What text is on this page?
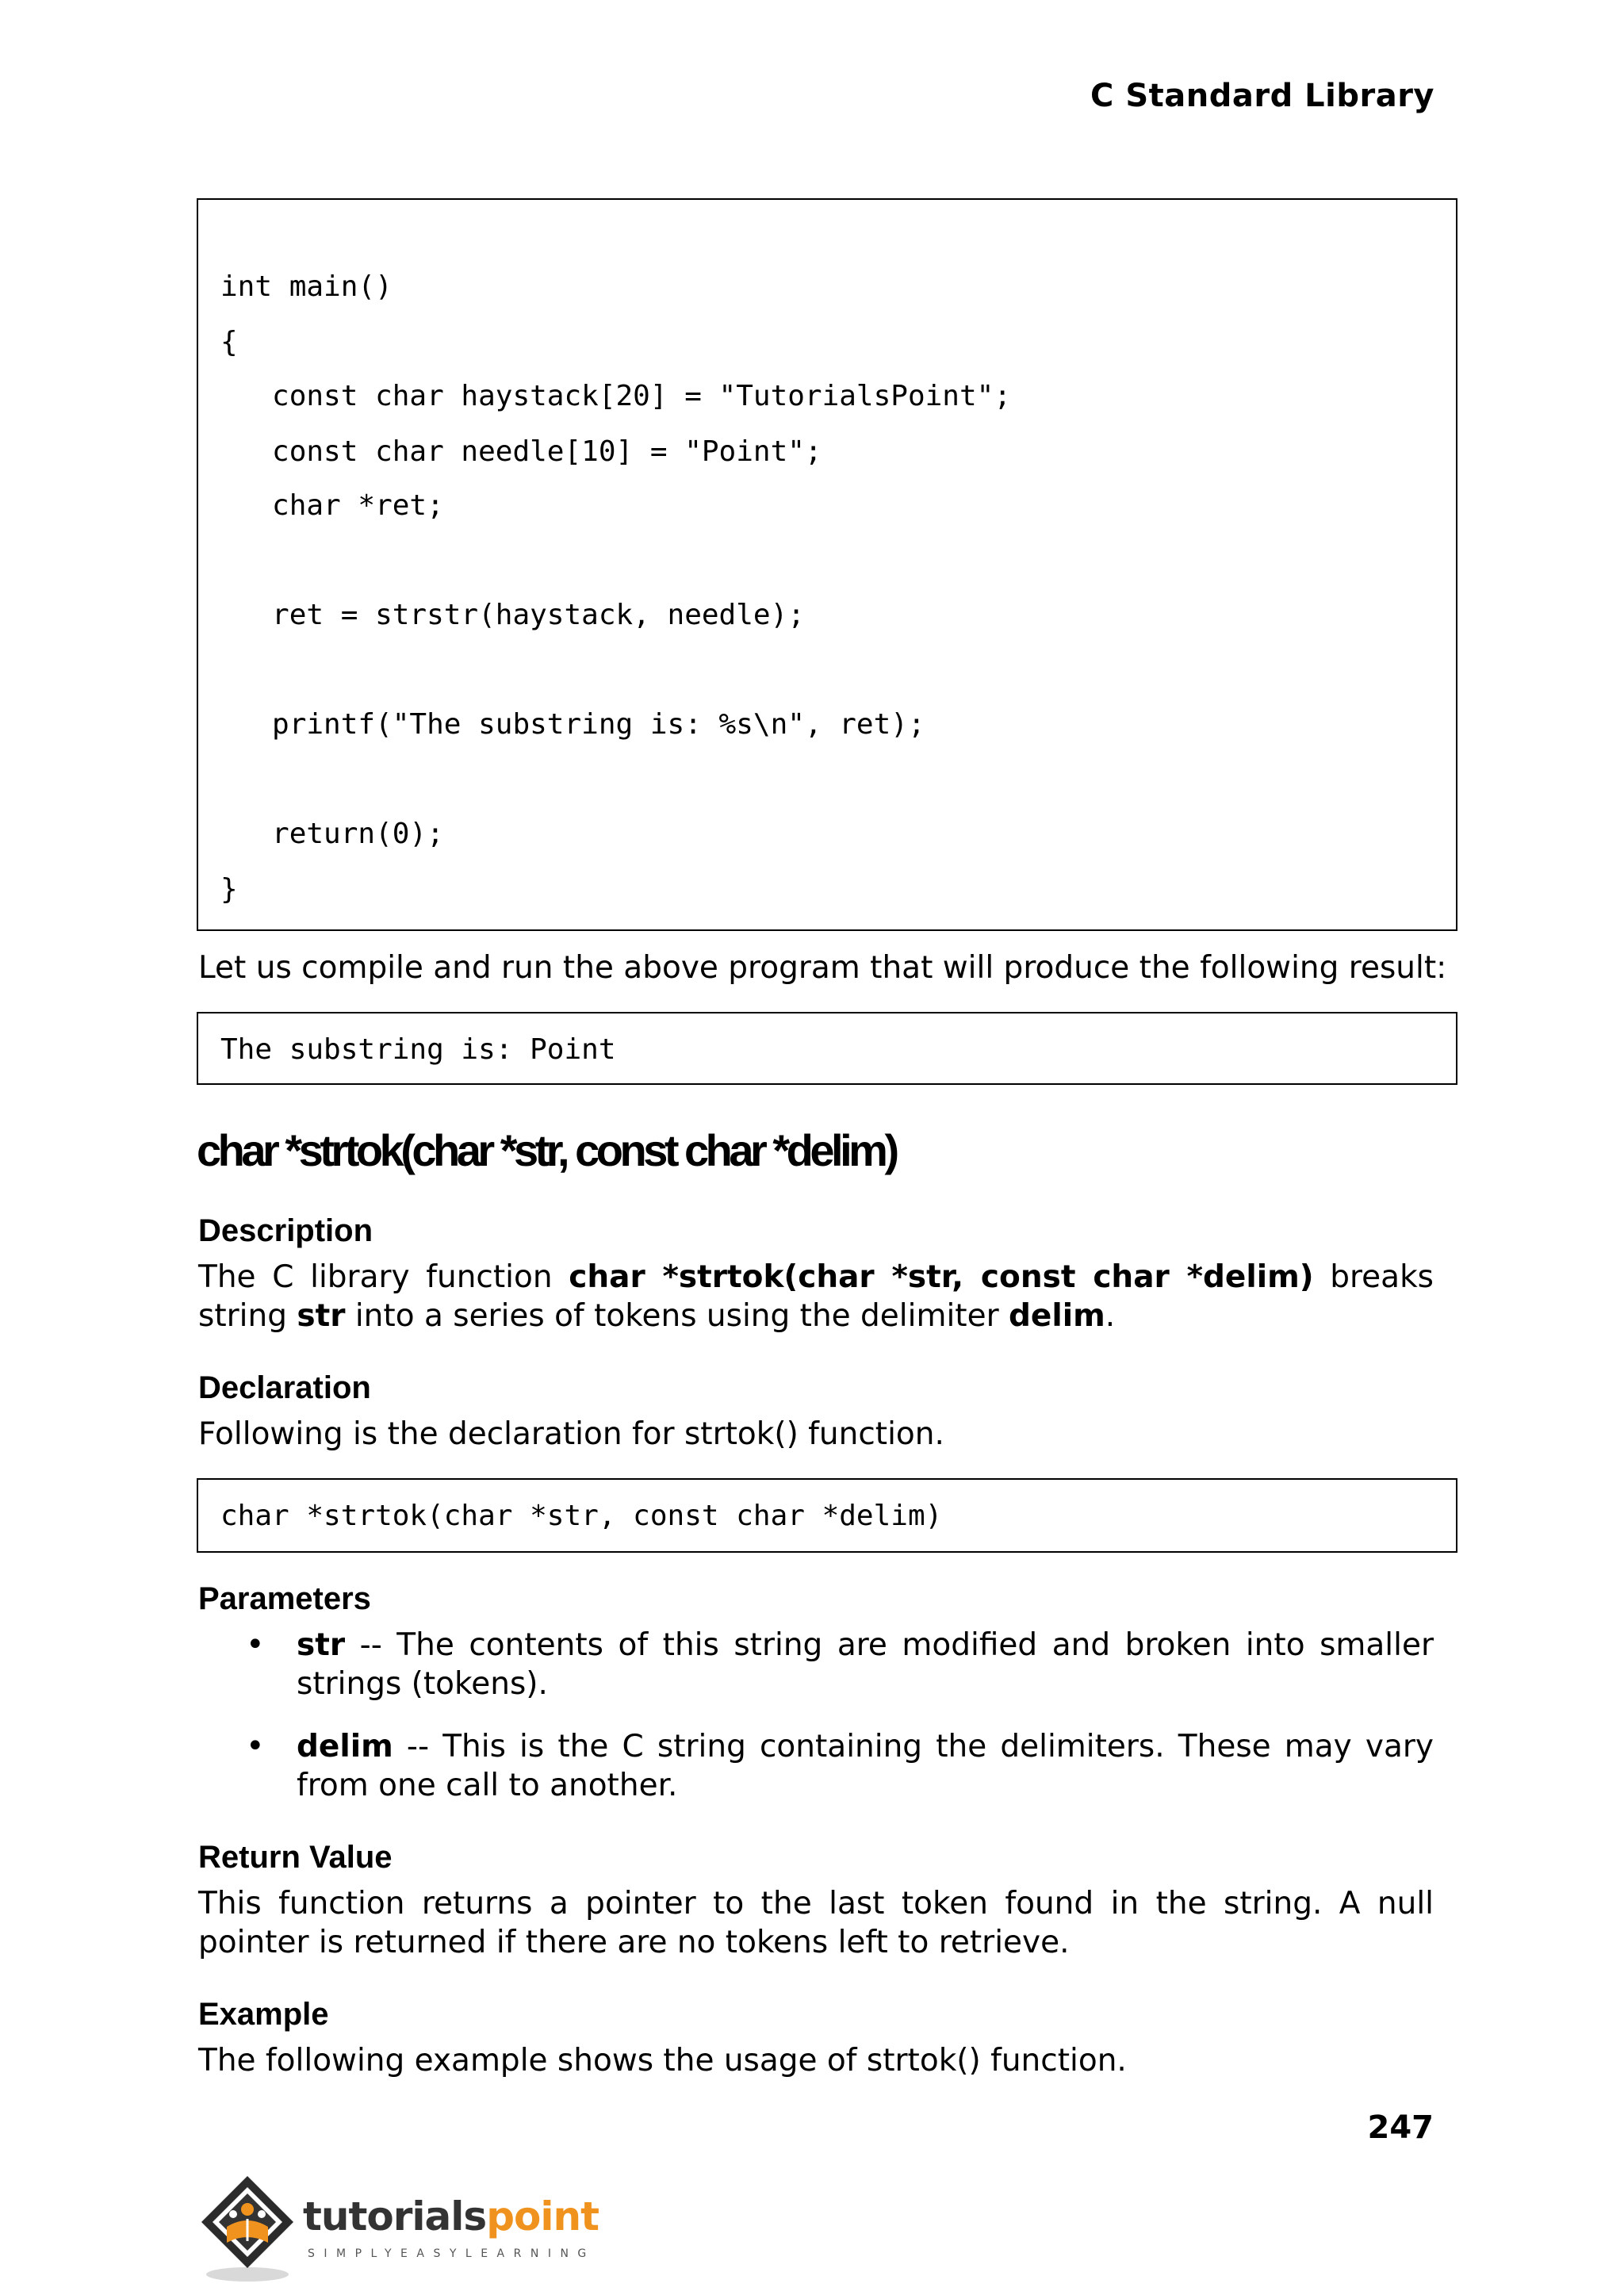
C Standard Library
int main()
{
const char haystack[20] = "TutorialsPoint";
const char needle[10] = "Point";
char *ret;
ret = strstr(haystack, needle);
printf("The substring is: %s\n", ret);
return(0);
}
Let us compile and run the above program that will produce the following result:
The substring is: Point
char *strtok(char *str, const char *delim)
Description
The C library function char *strtok(char *str, const char *delim) breaks string str into a series of tokens using the delimiter delim.
Declaration
Following is the declaration for strtok() function.
char *strtok(char *str, const char *delim)
Parameters
• str -- The contents of this string are modified and broken into smaller strings (tokens).
• delim -- This is the C string containing the delimiters. These may vary from one call to another.
Return Value
This function returns a pointer to the last token found in the string. A null pointer is returned if there are no tokens left to retrieve.
Example
The following example shows the usage of strtok() function.
247
tutorialspoint
SIMPLYEASYLEARNING
